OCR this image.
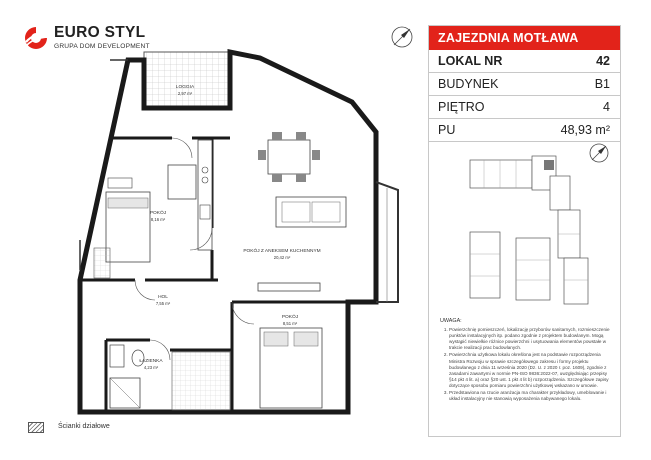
EURO STYL
GRUPA DOM DEVELOPMENT
LOGGIA
2,97 m²
POKÓJ
8,16 m²
POKÓJ Z ANEKSEM KUCHENNYM
20,42 m²
HOL
7,55 m²
POKÓJ
8,51 m²
ŁAZIENKA
4,23 m²
Ścianki działowe
ZAJEZDNIA MOTŁAWA
LOKAL NR	42
BUDYNEK	B1
PIĘTRO	4
PU	48,93 m²
UWAGA:
1. Powierzchnię pomieszczeń, lokalizację przyborów sanitarnych, rozmieszczenie punktów instalacyjnych itp. podano zgodnie z projektem budowlanym. Mogą wystąpić niewielkie różnice powierzchni i usytuowania elementów powstałe w trakcie realizacji prac budowlanych.
2. Powierzchnia użytkowa lokalu określona jest na podstawie rozporządzenia Ministra Rozwoju w sprawie szczegółowego zakresu i formy projektu budowlanego z dnia 11 września 2020 (Dz. U. z 2020 r. poz. 1609), zgodnie z zasadami zawartymi w normie PN-ISO 9836:2022-07, uwzględniając przepisy §14 pkt 4 lit. a) oraz §20 ust. 1 pkt 4 lit b) rozporządzenia. Szczegółowe zapisy dotyczące sposobu pomiaru powierzchni użytkowej wskazano w umowie.
3. Przedstawiona na rzucie aranżacja ma charakter przykładowy, umeblowanie i układ instalacyjny nie stanowią wyposażenia nabywanego lokalu.
